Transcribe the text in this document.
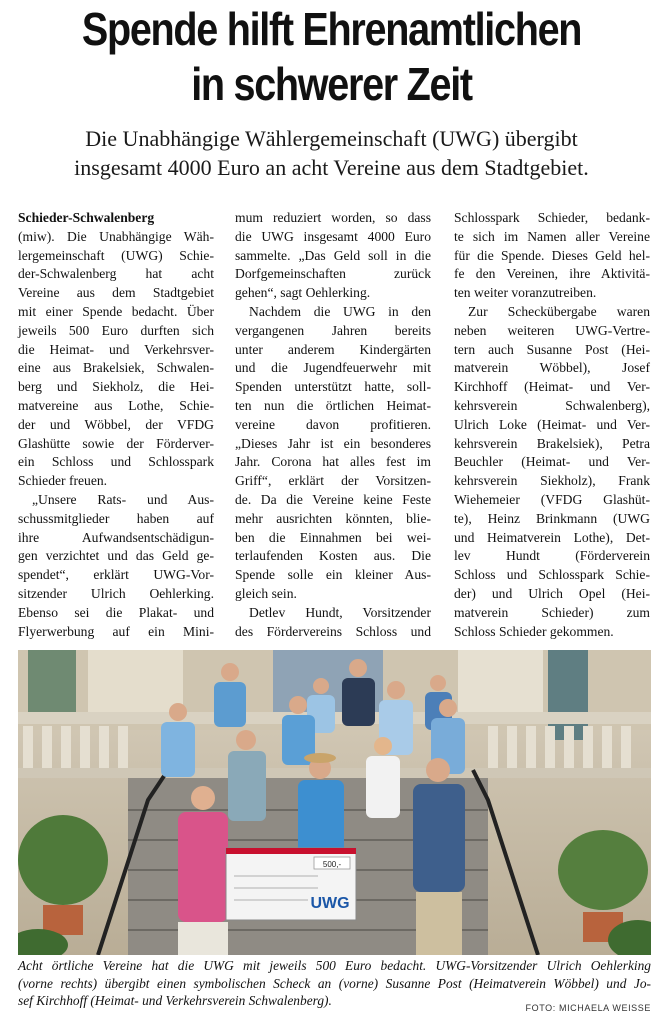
Spende hilft Ehrenamtlichen
in schwerer Zeit
Die Unabhängige Wählergemeinschaft (UWG) übergibt
insgesamt 4000 Euro an acht Vereine aus dem Stadtgebiet.
Schieder-Schwalenberg
(miw). Die Unabhängige Wäh-
lergemeinschaft (UWG) Schie-
der-Schwalenberg hat acht
Vereine aus dem Stadtgebiet
mit einer Spende bedacht. Über
jeweils 500 Euro durften sich
die Heimat- und Verkehrsver-
eine aus Brakelsiek, Schwalen-
berg und Siekholz, die Hei-
matvereine aus Lothe, Schie-
der und Wöbbel, der VFDG
Glashütte sowie der Förderver-
ein Schloss und Schlosspark
Schieder freuen.
„Unsere Rats- und Aus-
schussmitglieder haben auf
ihre Aufwandsentschädigun-
gen verzichtet und das Geld ge-
spendet“, erklärt UWG-Vor-
sitzender Ulrich Oehlerking.
Ebenso sei die Plakat- und
Flyerwerbung auf ein Mini-
mum reduziert worden, so dass
die UWG insgesamt 4000 Euro
sammelte. „Das Geld soll in die
Dorfgemeinschaften zurück
gehen“, sagt Oehlerking.
Nachdem die UWG in den
vergangenen Jahren bereits
unter anderem Kindergärten
und die Jugendfeuerwehr mit
Spenden unterstützt hatte, soll-
ten nun die örtlichen Heimat-
vereine davon profitieren.
„Dieses Jahr ist ein besonderes
Jahr. Corona hat alles fest im
Griff“, erklärt der Vorsitzen-
de. Da die Vereine keine Feste
mehr ausrichten könnten, blie-
ben die Einnahmen bei wei-
terlaufenden Kosten aus. Die
Spende solle ein kleiner Aus-
gleich sein.
Detlev Hundt, Vorsitzender
des Fördervereins Schloss und
Schlosspark Schieder, bedank-
te sich im Namen aller Vereine
für die Spende. Dieses Geld hel-
fe den Vereinen, ihre Aktivitä-
ten weiter voranzutreiben.
Zur Scheckübergabe waren
neben weiteren UWG-Vertre-
tern auch Susanne Post (Hei-
matverein Wöbbel), Josef
Kirchhoff (Heimat- und Ver-
kehrsverein Schwalenberg),
Ulrich Loke (Heimat- und Ver-
kehrsverein Brakelsiek), Petra
Beuchler (Heimat- und Ver-
kehrsverein Siekholz), Frank
Wiehemeier (VFDG Glashüt-
te), Heinz Brinkmann (UWG
und Heimatverein Lothe), Det-
lev Hundt (Förderverein
Schloss und Schlosspark Schie-
der) und Ulrich Opel (Hei-
matverein Schieder) zum
Schloss Schieder gekommen.
500,-
UWG
Acht örtliche Vereine hat die UWG mit jeweils 500 Euro bedacht. UWG-Vorsitzender Ulrich Oehlerking
(vorne rechts) übergibt einen symbolischen Scheck an (vorne) Susanne Post (Heimatverein Wöbbel) und Jo-
sef Kirchhoff (Heimat- und Verkehrsverein Schwalenberg).	FOTO: MICHAELA WEISSE
